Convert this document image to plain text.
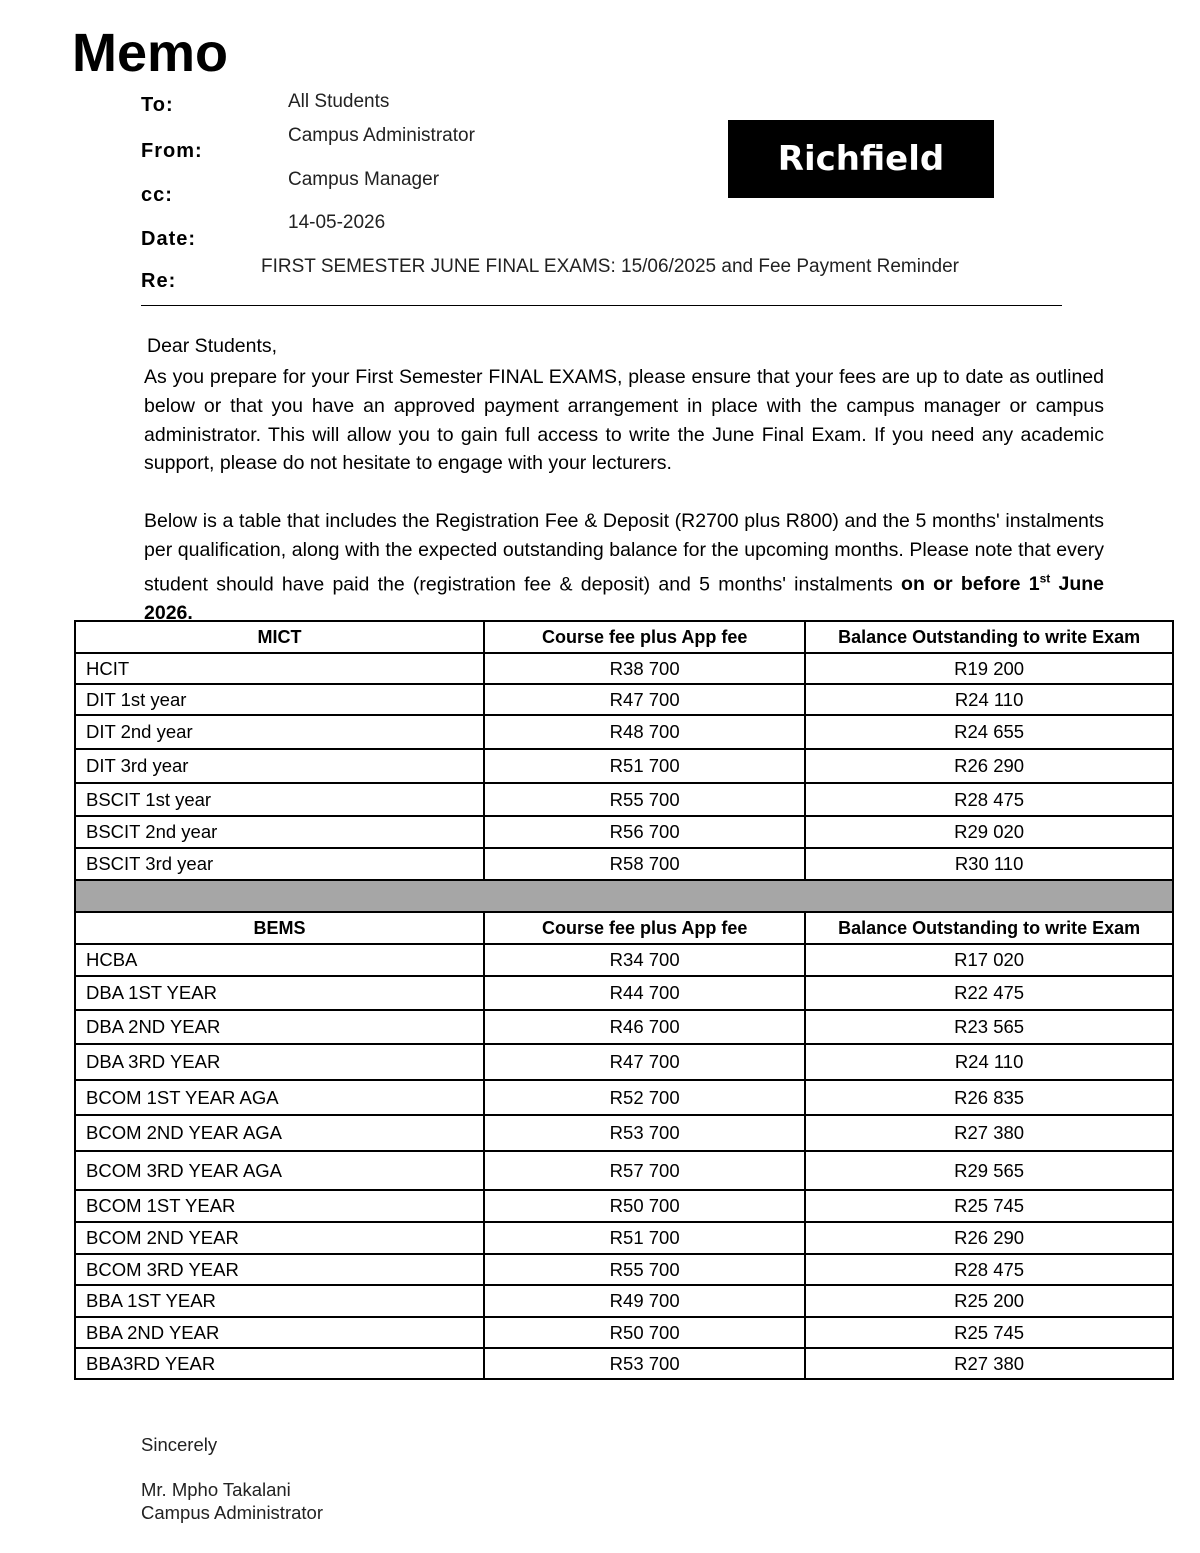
Memo
To:	All Students
From:
Campus Administrator
cc:
Campus Manager
Date:
14-05-2026
Re:
FIRST SEMESTER JUNE FINAL EXAMS: 15/06/2025 and Fee Payment Reminder
Richfield
Dear Students,
As you prepare for your First Semester FINAL EXAMS, please ensure that your fees are up to date as outlined below or that you have an approved payment arrangement in place with the campus manager or campus administrator. This will allow you to gain full access to write the June Final Exam. If you need any academic support, please do not hesitate to engage with your lecturers.
Below is a table that includes the Registration Fee & Deposit (R2700 plus R800) and the 5 months' instalments per qualification, along with the expected outstanding balance for the upcoming months. Please note that every student should have paid the (registration fee & deposit) and 5 months' instalments on or before 1st June 2026.
MICT	Course fee plus App fee	Balance Outstanding to write Exam
HCIT	R38 700	R19 200
DIT 1st year	R47 700	R24 110
DIT 2nd year	R48 700	R24 655
DIT 3rd year	R51 700	R26 290
BSCIT 1st year	R55 700	R28 475
BSCIT 2nd year	R56 700	R29 020
BSCIT 3rd year	R58 700	R30 110

BEMS	Course fee plus App fee	Balance Outstanding to write Exam
HCBA	R34 700	R17 020
DBA 1ST YEAR	R44 700	R22 475
DBA 2ND YEAR	R46 700	R23 565
DBA 3RD YEAR	R47 700	R24 110
BCOM 1ST YEAR AGA	R52 700	R26 835
BCOM 2ND YEAR AGA	R53 700	R27 380
BCOM 3RD YEAR AGA	R57 700	R29 565
BCOM 1ST YEAR	R50 700	R25 745
BCOM 2ND YEAR	R51 700	R26 290
BCOM 3RD YEAR	R55 700	R28 475
BBA 1ST YEAR	R49 700	R25 200
BBA 2ND YEAR	R50 700	R25 745
BBA3RD YEAR	R53 700	R27 380
Sincerely
Mr. Mpho Takalani
Campus Administrator
